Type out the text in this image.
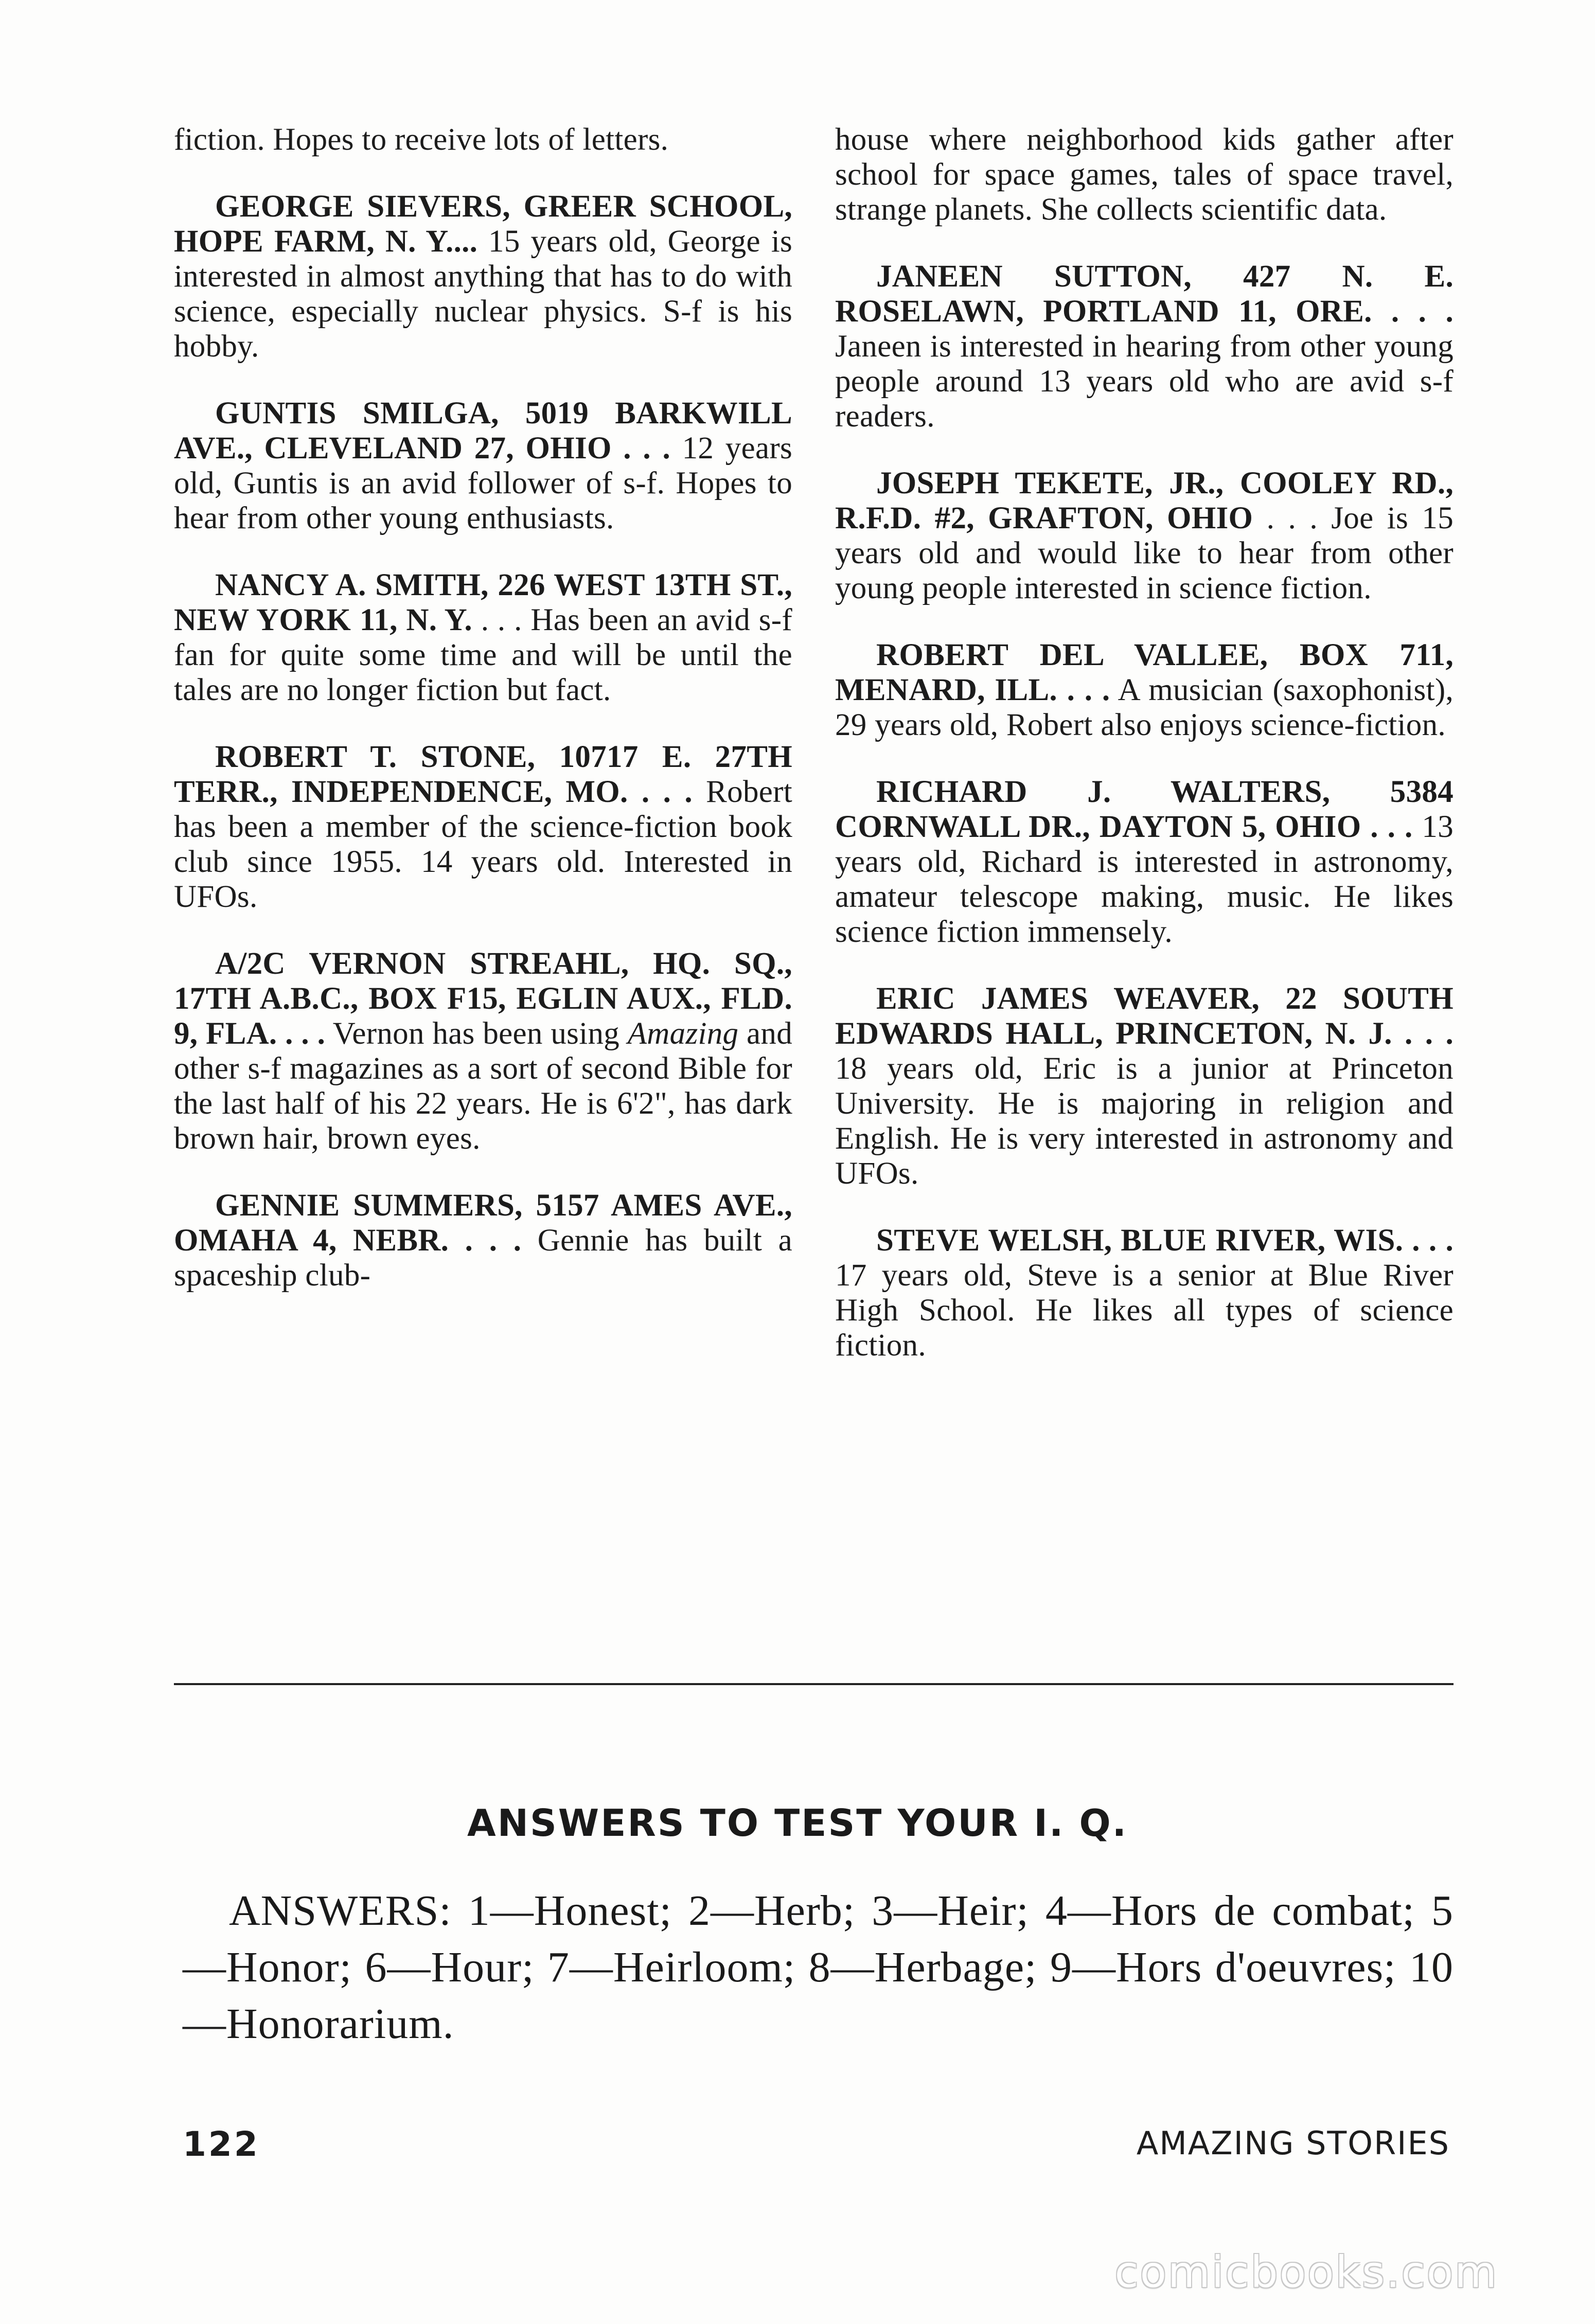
fiction. Hopes to receive lots of letters.

GEORGE SIEVERS, GREER SCHOOL, HOPE FARM, N. Y.... 15 years old, George is interested in almost anything that has to do with science, especially nuclear physics. S-f is his hobby.

GUNTIS SMILGA, 5019 BARKWILL AVE., CLEVELAND 27, OHIO . . . 12 years old, Guntis is an avid follower of s-f. Hopes to hear from other young enthusiasts.

NANCY A. SMITH, 226 WEST 13TH ST., NEW YORK 11, N. Y. . . . Has been an avid s-f fan for quite some time and will be until the tales are no longer fiction but fact.

ROBERT T. STONE, 10717 E. 27TH TERR., INDEPENDENCE, MO. . . . Robert has been a member of the science-fiction book club since 1955. 14 years old. Interested in UFOs.

A/2C VERNON STREAHL, HQ. SQ., 17TH A.B.C., BOX F15, EGLIN AUX., FLD. 9, FLA. . . . Vernon has been using Amazing and other s-f magazines as a sort of second Bible for the last half of his 22 years. He is 6'2", has dark brown hair, brown eyes.

GENNIE SUMMERS, 5157 AMES AVE., OMAHA 4, NEBR. . . . Gennie has built a spaceship club-

house where neighborhood kids gather after school for space games, tales of space travel, strange planets. She collects scientific data.

JANEEN SUTTON, 427 N. E. ROSELAWN, PORTLAND 11, ORE. . . . Janeen is interested in hearing from other young people around 13 years old who are avid s-f readers.

JOSEPH TEKETE, JR., COOLEY RD., R.F.D. #2, GRAFTON, OHIO . . . Joe is 15 years old and would like to hear from other young people interested in science fiction.

ROBERT DEL VALLEE, BOX 711, MENARD, ILL. . . . A musician (saxophonist), 29 years old, Robert also enjoys science-fiction.

RICHARD J. WALTERS, 5384 CORNWALL DR., DAYTON 5, OHIO . . . 13 years old, Richard is interested in astronomy, amateur telescope making, music. He likes science fiction immensely.

ERIC JAMES WEAVER, 22 SOUTH EDWARDS HALL, PRINCETON, N. J. . . . 18 years old, Eric is a junior at Princeton University. He is majoring in religion and English. He is very interested in astronomy and UFOs.

STEVE WELSH, BLUE RIVER, WIS. . . . 17 years old, Steve is a senior at Blue River High School. He likes all types of science fiction.

ANSWERS TO TEST YOUR I. Q.
ANSWERS: 1—Honest; 2—Herb; 3—Heir; 4—Hors de combat; 5—Honor; 6—Hour; 7—Heirloom; 8—Herbage; 9—Hors d'oeuvres; 10—Honorarium.
122	AMAZING STORIES
comicbooks.com
